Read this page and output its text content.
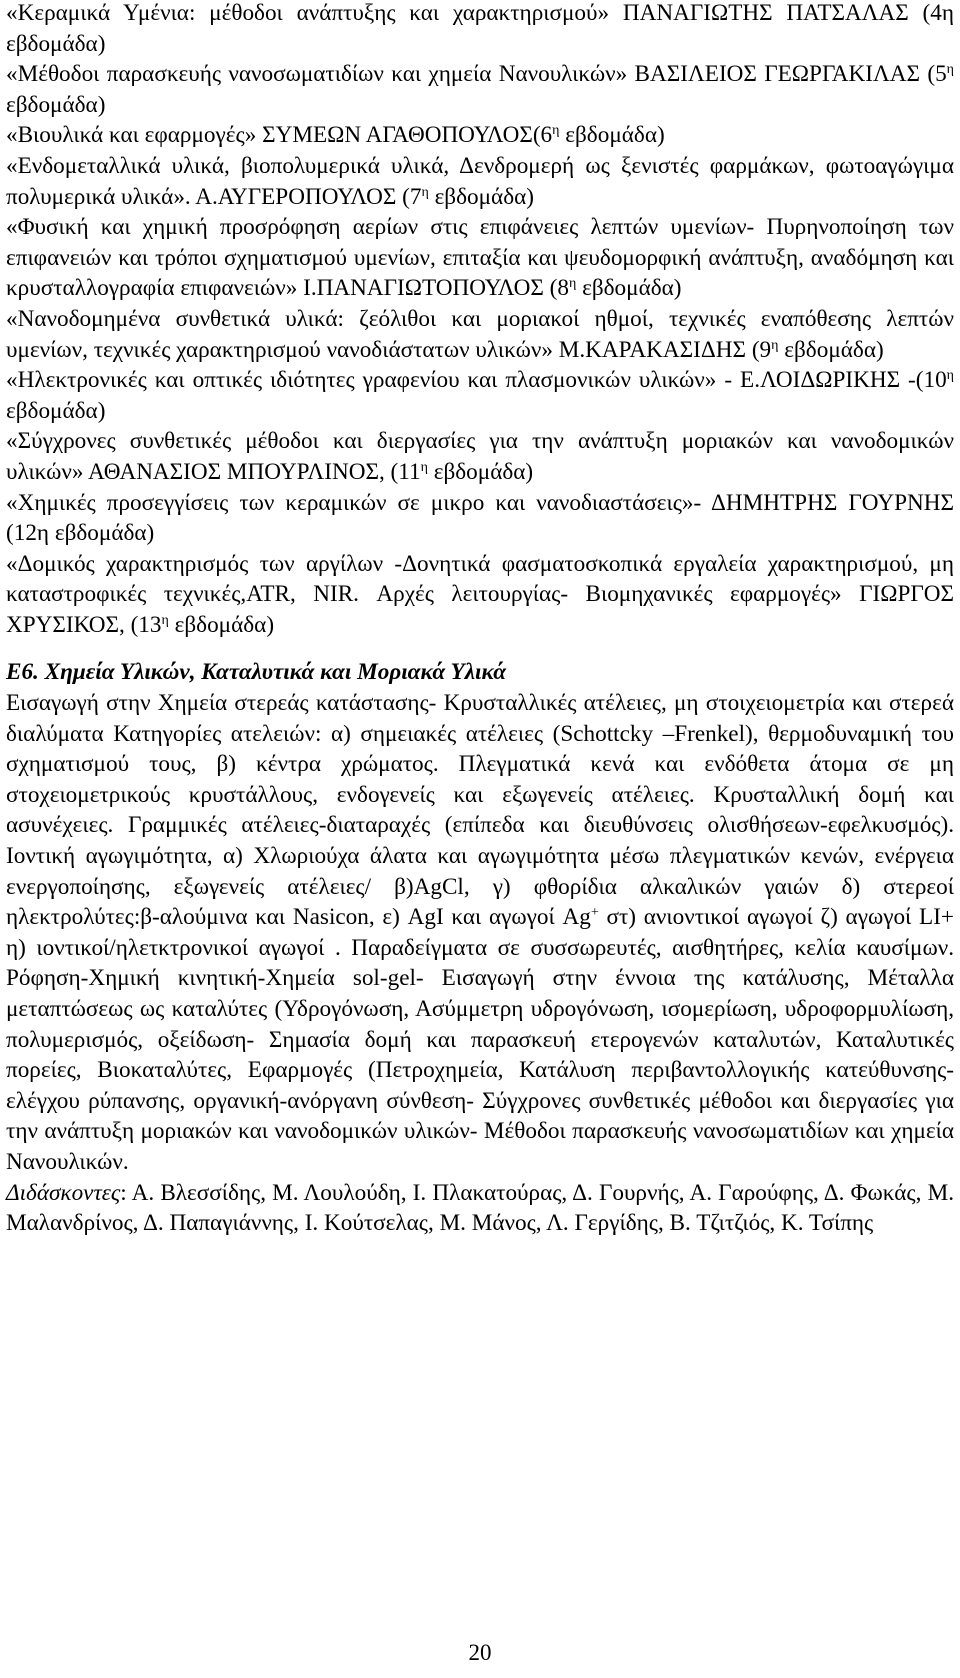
«Κεραμικά Υμένια: μέθοδοι ανάπτυξης και χαρακτηρισμού» ΠΑΝΑΓΙΩΤΗΣ ΠΑΤΣΑΛΑΣ (4η εβδομάδα)

«Μέθοδοι παρασκευής νανοσωματιδίων και χημεία Νανουλικών» ΒΑΣΙΛΕΙΟΣ ΓΕΩΡΓΑΚΙΛΑΣ ($5^\eta$ εβδομάδα)

«Βιουλικά και εφαρμογές» ΣΥΜΕΩΝ $A\Gamma A\Theta O\Pi O\Upsilon\Lambda O\Sigma(6^\eta$ εβδομάδα)

«Ενδομεταλλικά υλικά, βιοπολυμερικά υλικά, Δενδρομερή ως ξενιστές φαρμάκων, φωτοαγώγιμα πολυμερικά υλικά». Α.ΑΥΓΕΡΟΠΟΥΛΟΣ ($7^\eta$ εβδομάδα)

«Φυσική και χημική προσρόφηση αερίων στις επιφάνειες λεπτών υμενίων- Πυρηνοποίηση των επιφανειών και τρόποι σχηματισμού υμενίων, επιταξία και ψευδομορφική ανάπτυξη, αναδόμηση και κρυσταλλογραφία επιφανειών» Ι.ΠΑΝΑΓΙΩΤΟΠΟΥΛΟΣ ($8^\eta$ εβδομάδα)

«Νανοδομημένα συνθετικά υλικά: ζεόλιθοι και μοριακοί ηθμοί, τεχνικές εναπόθεσης λεπτών υμενίων, τεχνικές χαρακτηρισμού νανοδιάστατων υλικών» Μ.ΚΑΡΑΚΑΣΙΔΗΣ ($9^\eta$ εβδομάδα)

«Ηλεκτρονικές και οπτικές ιδιότητες γραφενίου και πλασμονικών υλικών» - Ε.ΛΟΙΔΩΡΙΚΗΣ $-(10^\eta$ εβδομάδα)

«Σύγχρονες συνθετικές μέθοδοι και διεργασίες για την ανάπτυξη μοριακών και νανοδομικών υλικών» ΑΘΑΝΑΣΙΟΣ ΜΠΟΥΡΛΙΝΟΣ, ($11^\eta$ εβδομάδα)

«Χημικές προσεγγίσεις των κεραμικών σε μικρο και νανοδιαστάσεις»- ΔΗΜΗΤΡΗΣ ΓΟΥΡΝΗΣ (12η εβδομάδα)

«Δομικός χαρακτηρισμός των αργίλων -Δονητικά φασματοσκοπικά εργαλεία χαρακτηρισμού, μη καταστροφικές τεχνικές,ATR, NIR. Αρχές λειτουργίας- Βιομηχανικές εφαρμογές» ΓΙΩΡΓΟΣ ΧΡΥΣΙΚΟΣ, ($13^\eta$ εβδομάδα)

Ε6. Χημεία Υλικών, Καταλυτικά και Μοριακά Υλικά

Εισαγωγή στην Χημεία στερεάς κατάστασης- Κρυσταλλικές ατέλειες, μη στοιχειομετρία και στερεά διαλύματα Κατηγορίες ατελειών: α) σημειακές ατέλειες (Schottcky –Frenkel), θερμοδυναμική του σχηματισμού τους, β) κέντρα χρώματος. Πλεγματικά κενά και ενδόθετα άτομα σε μη στοχειομετρικούς κρυστάλλους, ενδογενείς και εξωγενείς ατέλειες. Κρυσταλλική δομή και ασυνέχειες. Γραμμικές ατέλειες-διαταραχές (επίπεδα και διευθύνσεις ολισθήσεων-εφελκυσμός). Ιοντική αγωγιμότητα, α) Χλωριούχα άλατα και αγωγιμότητα μέσω πλεγματικών κενών, ενέργεια ενεργοποίησης, εξωγενείς ατέλειες/ β)AgCl, γ) φθορίδια αλκαλικών γαιών δ) στερεοί ηλεκτρολύτες:β-αλούμινα και Nasicon, ε) AgI και αγωγοί Ag+ στ) ανιοντικοί αγωγοί ζ) αγωγοί LI+ η) ιοντικοί/ηλετκτρονικοί αγωγοί . Παραδείγματα σε συσσωρευτές, αισθητήρες, κελία καυσίμων. Ρόφηση-Χημική κινητική-Χημεία sol-gel- Εισαγωγή στην έννοια της κατάλυσης, Μέταλλα μεταπτώσεως ως καταλύτες (Υδρογόνωση, Ασύμμετρη υδρογόνωση, ισομερίωση, υδροφορμυλίωση, πολυμερισμός, οξείδωση- Σημασία δομή και παρασκευή ετερογενών καταλυτών, Καταλυτικές πορείες, Βιοκαταλύτες, Εφαρμογές (Πετροχημεία, Κατάλυση περιβαντολλογικής κατεύθυνσης-ελέγχου ρύπανσης, οργανική-ανόργανη σύνθεση- Σύγχρονες συνθετικές μέθοδοι και διεργασίες για την ανάπτυξη μοριακών και νανοδομικών υλικών- Μέθοδοι παρασκευής νανοσωματιδίων και χημεία Νανουλικών.

Διδάσκοντες: Α. Βλεσσίδης, Μ. Λουλούδη, Ι. Πλακατούρας, Δ. Γουρνής, Α. Γαρούφης, Δ. Φωκάς, Μ. Μαλανδρίνος, Δ. Παπαγιάννης, Ι. Κούτσελας, Μ. Μάνος, Λ. Γεργίδης, Β. Τζιτζιός, Κ. Τσίπης

20
